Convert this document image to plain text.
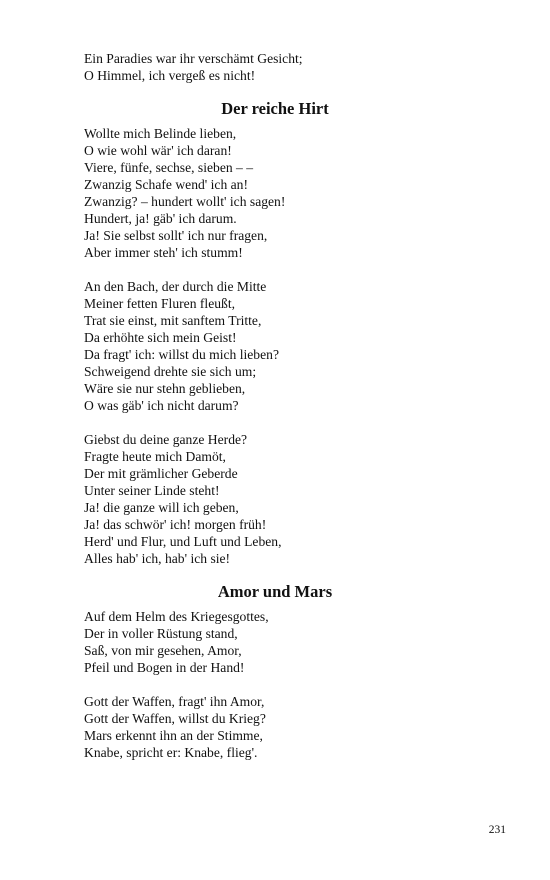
Ein Paradies war ihr verschämt Gesicht;
O Himmel, ich vergeß es nicht!
Der reiche Hirt
Wollte mich Belinde lieben,
O wie wohl wär' ich daran!
Viere, fünfe, sechse, sieben – –
Zwanzig Schafe wend' ich an!
Zwanzig? – hundert wollt' ich sagen!
Hundert, ja! gäb' ich darum.
Ja! Sie selbst sollt' ich nur fragen,
Aber immer steh' ich stumm!
An den Bach, der durch die Mitte
Meiner fetten Fluren fleußt,
Trat sie einst, mit sanftem Tritte,
Da erhöhte sich mein Geist!
Da fragt' ich: willst du mich lieben?
Schweigend drehte sie sich um;
Wäre sie nur stehn geblieben,
O was gäb' ich nicht darum?
Giebst du deine ganze Herde?
Fragte heute mich Damöt,
Der mit grämlicher Geberde
Unter seiner Linde steht!
Ja! die ganze will ich geben,
Ja! das schwör' ich! morgen früh!
Herd' und Flur, und Luft und Leben,
Alles hab' ich, hab' ich sie!
Amor und Mars
Auf dem Helm des Kriegesgottes,
Der in voller Rüstung stand,
Saß, von mir gesehen, Amor,
Pfeil und Bogen in der Hand!
Gott der Waffen, fragt' ihn Amor,
Gott der Waffen, willst du Krieg?
Mars erkennt ihn an der Stimme,
Knabe, spricht er: Knabe, flieg'.
231
